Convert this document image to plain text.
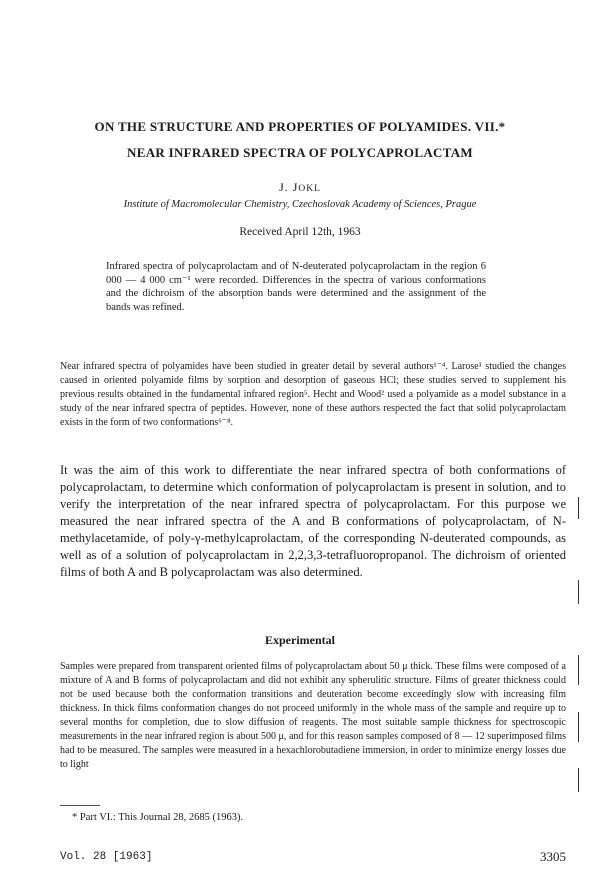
ON THE STRUCTURE AND PROPERTIES OF POLYAMIDES. VII.*
NEAR INFRARED SPECTRA OF POLYCAPROLACTAM
J. JOKL
Institute of Macromolecular Chemistry, Czechoslovak Academy of Sciences, Prague
Received April 12th, 1963

Infrared spectra of polycaprolactam and of N-deuterated polycaprolactam in the region 6 000 — 4 000 cm⁻¹ were recorded. Differences in the spectra of various conformations and the dichroism of the absorption bands were determined and the assignment of the bands was refined.

Near infrared spectra of polyamides have been studied in greater detail by several authors¹⁻⁴. Larose¹ studied the changes caused in oriented polyamide films by sorption and desorption of gaseous HCl; these studies served to supplement his previous results obtained in the fundamental infrared region⁵. Hecht and Wood² used a polyamide as a model substance in a study of the near infrared spectra of peptides. However, none of these authors respected the fact that solid polycaprolactam exists in the form of two conformations⁶⁻⁸.

It was the aim of this work to differentiate the near infrared spectra of both conformations of polycaprolactam, to determine which conformation of polycaprolactam is present in solution, and to verify the interpretation of the near infrared spectra of polycaprolactam. For this purpose we measured the near infrared spectra of the A and B conformations of polycaprolactam, of N-methylacetamide, of poly-γ-methylcaprolactam, of the corresponding N-deuterated compounds, as well as of a solution of polycaprolactam in 2,2,3,3-tetrafluoropropanol. The dichroism of oriented films of both A and B polycaprolactam was also determined.

Experimental

Samples were prepared from transparent oriented films of polycaprolactam about 50 μ thick. These films were composed of a mixture of A and B forms of polycaprolactam and did not exhibit any spherulitic structure. Films of greater thickness could not be used because both the conformation transitions and deuteration become exceedingly slow with increasing film thickness. In thick films conformation changes do not proceed uniformly in the whole mass of the sample and require up to several months for completion, due to slow diffusion of reagents. The most suitable sample thickness for spectroscopic measurements in the near infrared region is about 500 μ, and for this reason samples composed of 8 — 12 superimposed films had to be measured. The samples were measured in a hexachlorobutadiene immersion, in order to minimize energy losses due to light

* Part VI.: This Journal 28, 2685 (1963).
Vol. 28 [1963]	3305
